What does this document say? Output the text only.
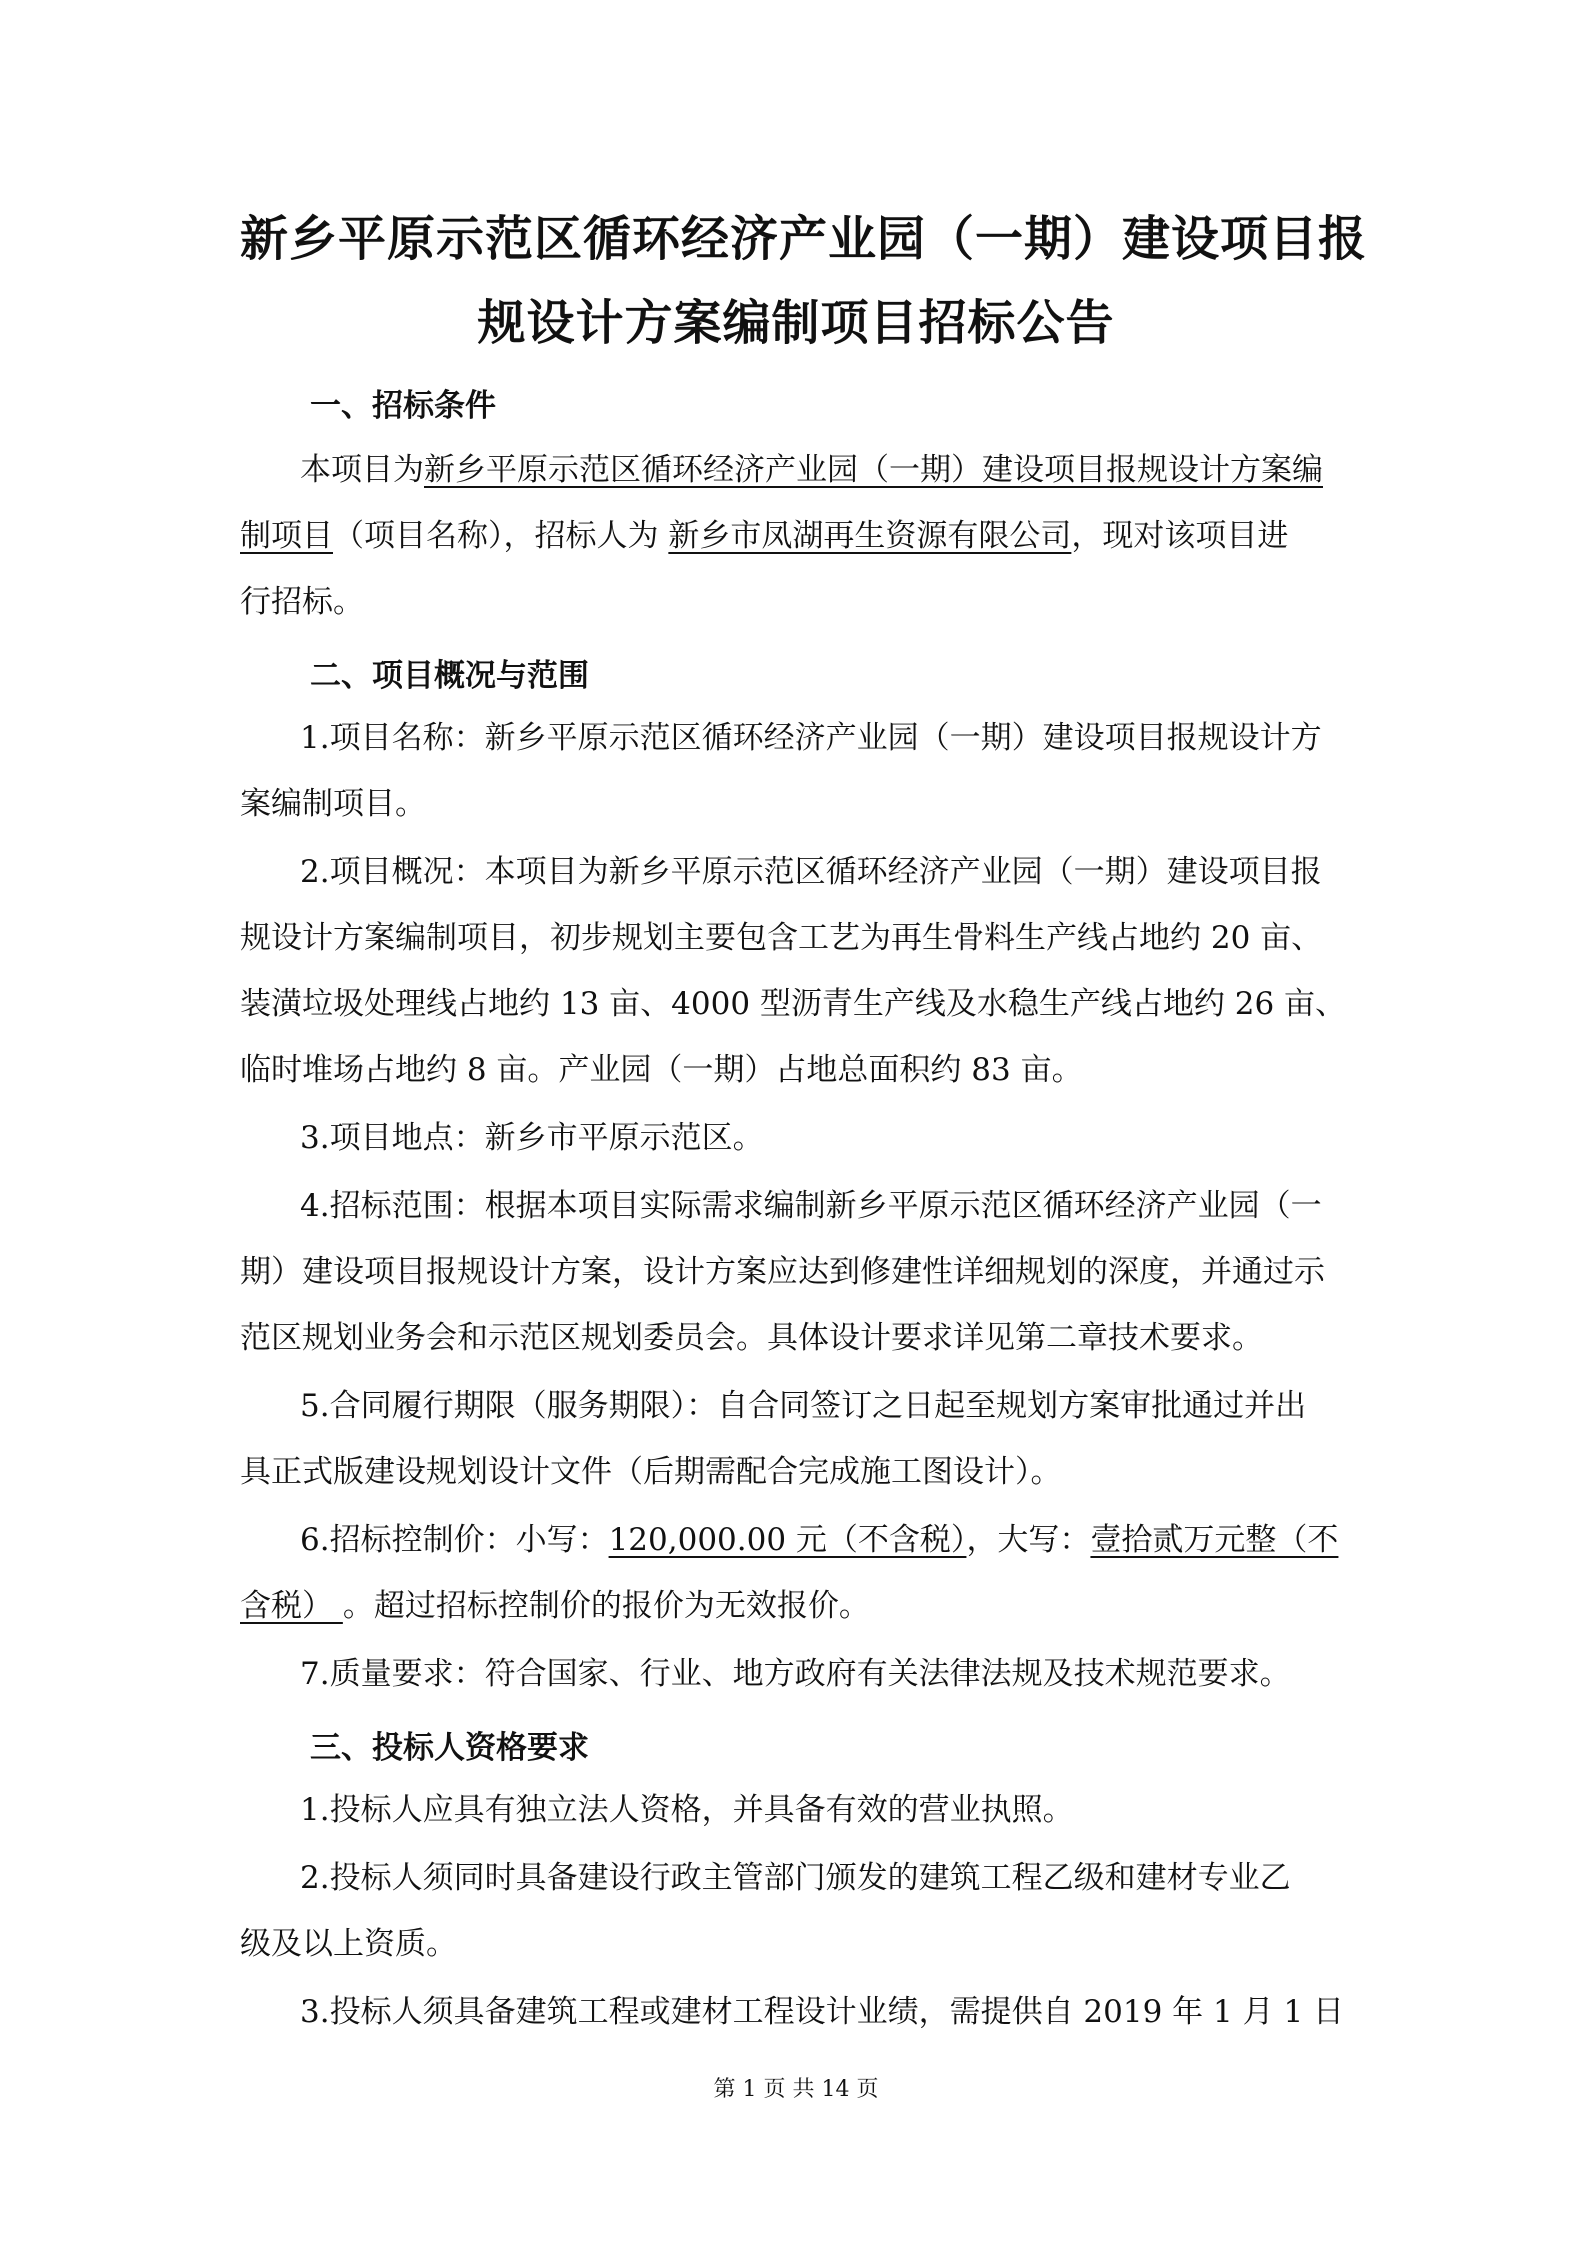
新乡平原示范区循环经济产业园（一期）建设项目报
规设计方案编制项目招标公告
一、招标条件
本项目为新乡平原示范区循环经济产业园（一期）建设项目报规设计方案编
制项目（项目名称），招标人为 新乡市凤湖再生资源有限公司，现对该项目进
行招标。
二、项目概况与范围
1.项目名称：新乡平原示范区循环经济产业园（一期）建设项目报规设计方
案编制项目。
2.项目概况：本项目为新乡平原示范区循环经济产业园（一期）建设项目报
规设计方案编制项目，初步规划主要包含工艺为再生骨料生产线占地约 20 亩、
装潢垃圾处理线占地约 13 亩、4000 型沥青生产线及水稳生产线占地约 26 亩、
临时堆场占地约 8 亩。产业园（一期）占地总面积约 83 亩。
3.项目地点：新乡市平原示范区。
4.招标范围：根据本项目实际需求编制新乡平原示范区循环经济产业园（一
期）建设项目报规设计方案，设计方案应达到修建性详细规划的深度，并通过示
范区规划业务会和示范区规划委员会。具体设计要求详见第二章技术要求。
5.合同履行期限（服务期限）：自合同签订之日起至规划方案审批通过并出
具正式版建设规划设计文件（后期需配合完成施工图设计）。
6.招标控制价：小写：120,000.00 元（不含税），大写：壹拾贰万元整（不
含税） 。超过招标控制价的报价为无效报价。
7.质量要求：符合国家、行业、地方政府有关法律法规及技术规范要求。
三、投标人资格要求
1.投标人应具有独立法人资格，并具备有效的营业执照。
2.投标人须同时具备建设行政主管部门颁发的建筑工程乙级和建材专业乙
级及以上资质。
3.投标人须具备建筑工程或建材工程设计业绩，需提供自 2019 年 1 月 1 日
第 1 页 共 14 页
